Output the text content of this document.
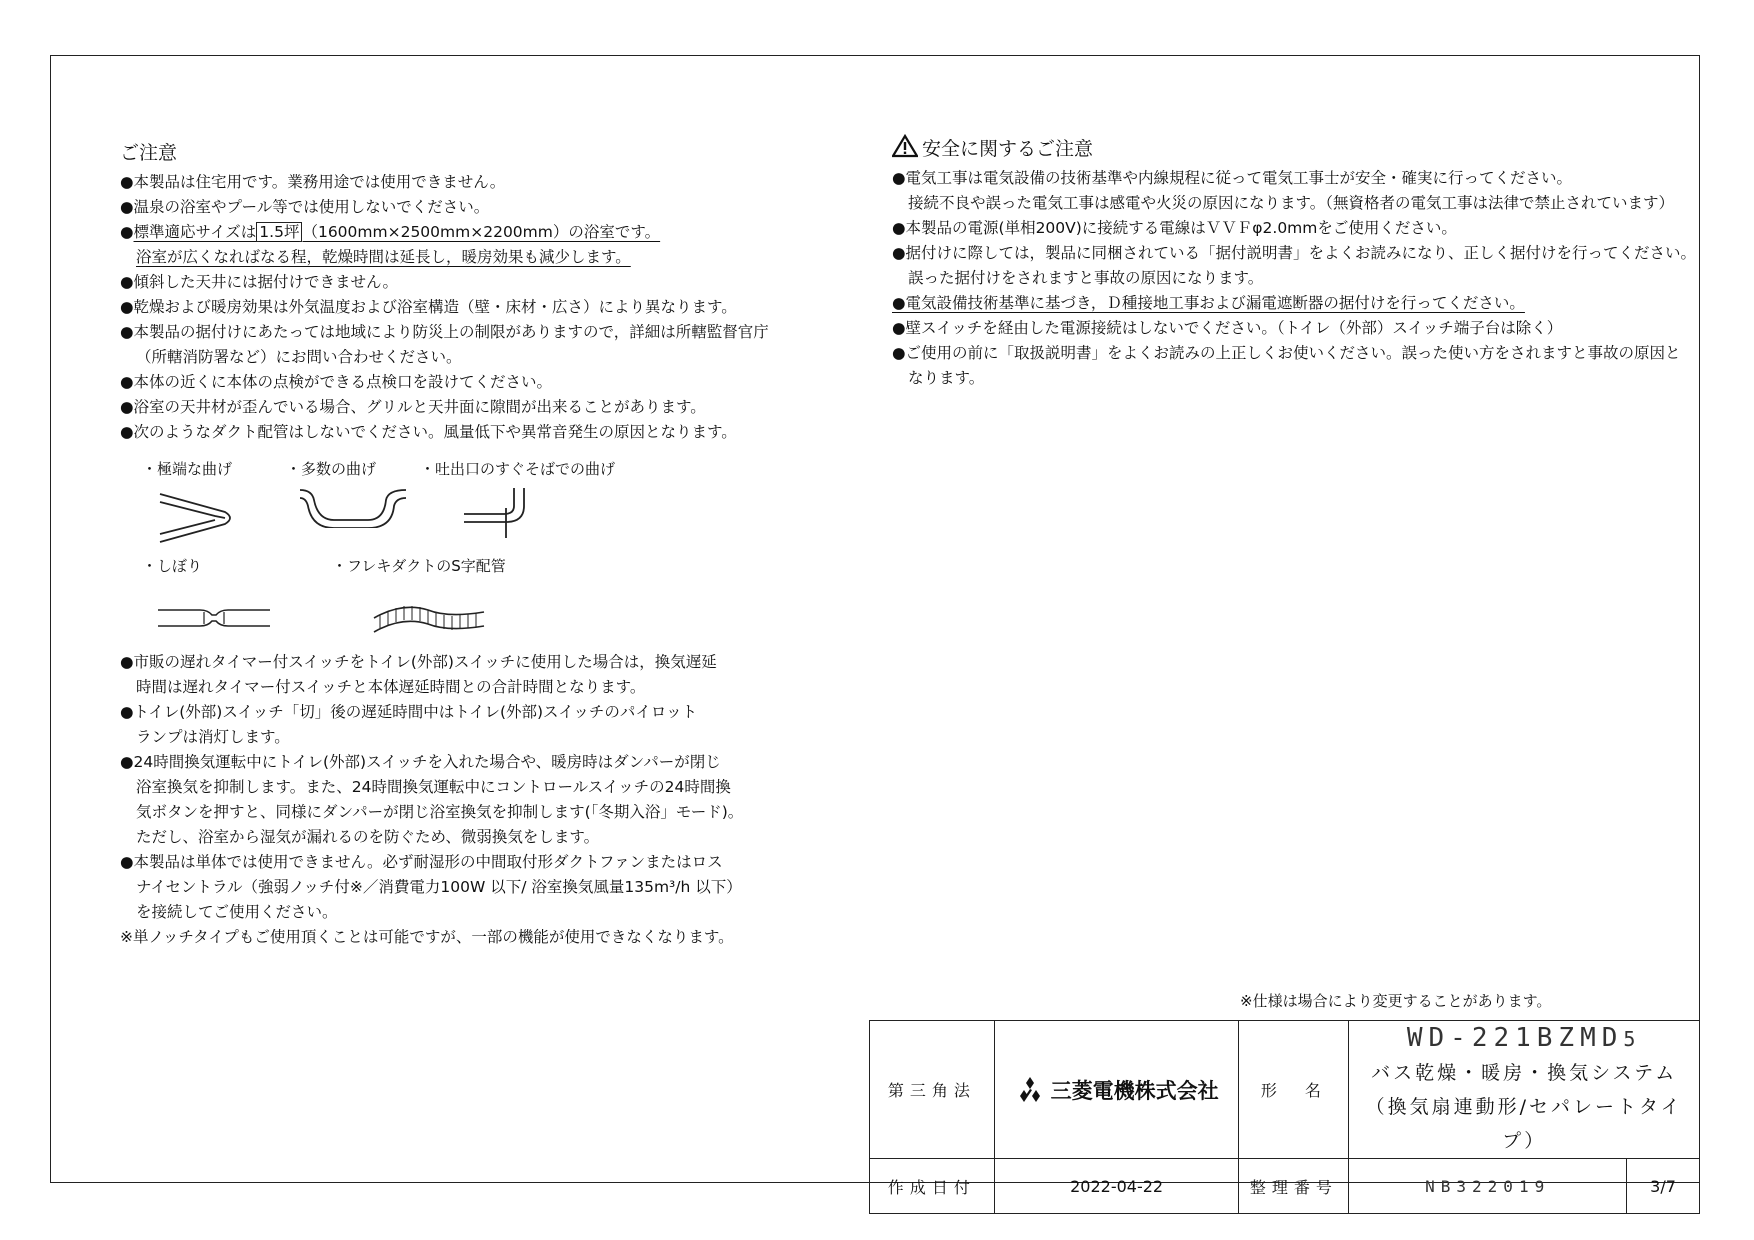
ご注意
●本製品は住宅用です。業務用途では使用できません。
●温泉の浴室やプール等では使用しないでください。
●標準適応サイズは 1.5坪 （1600mm×2500mm×2200mm）の浴室です。
浴室が広くなればなる程，乾燥時間は延長し，暖房効果も減少します。
●傾斜した天井には据付けできません。
●乾燥および暖房効果は外気温度および浴室構造（壁・床材・広さ）により異なります。
●本製品の据付けにあたっては地域により防災上の制限がありますので，詳細は所轄監督官庁
（所轄消防署など）にお問い合わせください。
●本体の近くに本体の点検ができる点検口を設けてください。
●浴室の天井材が歪んでいる場合、グリルと天井面に隙間が出来ることがあります。
●次のようなダクト配管はしないでください。風量低下や異常音発生の原因となります。
・極端な曲げ	・多数の曲げ	・吐出口のすぐそばでの曲げ
・しぼり	・フレキダクトのS字配管
●市販の遅れタイマー付スイッチをトイレ(外部)スイッチに使用した場合は，換気遅延
時間は遅れタイマー付スイッチと本体遅延時間との合計時間となります。
●トイレ(外部)スイッチ「切」後の遅延時間中はトイレ(外部)スイッチのパイロット
ランプは消灯します。
●24時間換気運転中にトイレ(外部)スイッチを入れた場合や、暖房時はダンパーが閉じ
浴室換気を抑制します。また、24時間換気運転中にコントロールスイッチの24時間換
気ボタンを押すと、同様にダンパーが閉じ浴室換気を抑制します(「冬期入浴」モード)。
ただし、浴室から湿気が漏れるのを防ぐため、微弱換気をします。
●本製品は単体では使用できません。必ず耐湿形の中間取付形ダクトファンまたはロス
ナイセントラル（強弱ノッチ付※／消費電力100W 以下/ 浴室換気風量135m³/h 以下）
を接続してご使用ください。
※単ノッチタイプもご使用頂くことは可能ですが、一部の機能が使用できなくなります。
安全に関するご注意
●電気工事は電気設備の技術基準や内線規程に従って電気工事士が安全・確実に行ってください。
接続不良や誤った電気工事は感電や火災の原因になります。（無資格者の電気工事は法律で禁止されています）
●本製品の電源(単相200V)に接続する電線はＶＶＦφ2.0mmをご使用ください。
●据付けに際しては，製品に同梱されている「据付説明書」をよくお読みになり、正しく据付けを行ってください。
誤った据付けをされますと事故の原因になります。
●電気設備技術基準に基づき，Ｄ種接地工事および漏電遮断器の据付けを行ってください。
●壁スイッチを経由した電源接続はしないでください。（トイレ（外部）スイッチ端子台は除く）
●ご使用の前に「取扱説明書」をよくお読みの上正しくお使いください。誤った使い方をされますと事故の原因と
なります。
※仕様は場合により変更することがあります。
第三角法	三菱電機株式会社	形　名	WD-221BZMD5
バス乾燥・暖房・換気システム
（換気扇連動形/セパレートタイプ）	

作成日付	2022-04-22	整理番号	NB322019	3/7
